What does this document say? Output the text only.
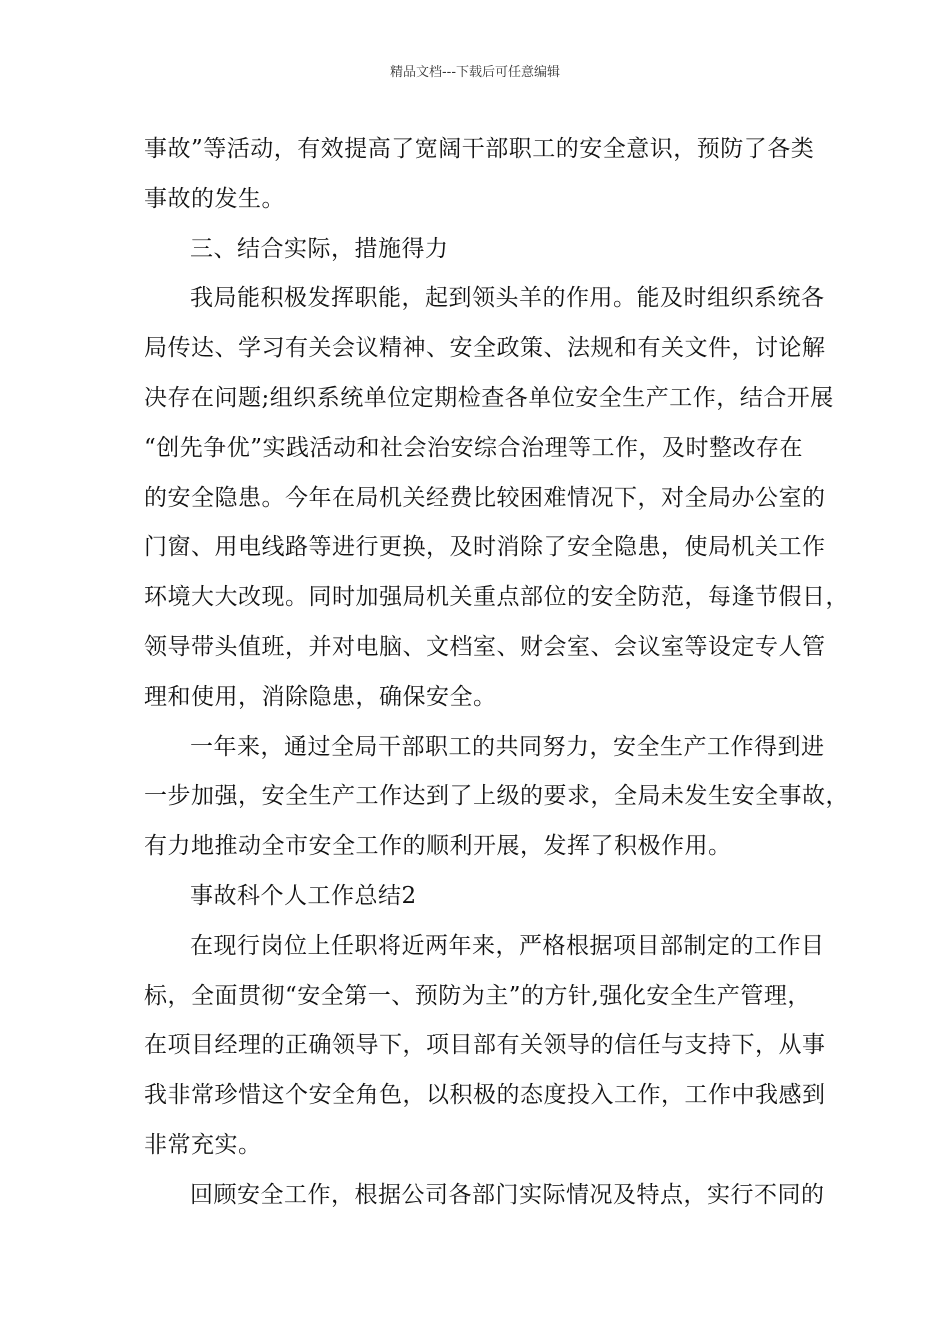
精品文档---下载后可任意编辑
事故”等活动，有效提高了宽阔干部职工的安全意识，预防了各类
事故的发生。
三、结合实际，措施得力
我局能积极发挥职能，起到领头羊的作用。能及时组织系统各
局传达、学习有关会议精神、安全政策、法规和有关文件，讨论解
决存在问题;组织系统单位定期检查各单位安全生产工作，结合开展
“创先争优”实践活动和社会治安综合治理等工作，及时整改存在
的安全隐患。今年在局机关经费比较困难情况下，对全局办公室的
门窗、用电线路等进行更换，及时消除了安全隐患，使局机关工作
环境大大改现。同时加强局机关重点部位的安全防范，每逢节假日，
领导带头值班，并对电脑、文档室、财会室、会议室等设定专人管
理和使用，消除隐患，确保安全。
一年来，通过全局干部职工的共同努力，安全生产工作得到进
一步加强，安全生产工作达到了上级的要求，全局未发生安全事故，
有力地推动全市安全工作的顺利开展，发挥了积极作用。
事故科个人工作总结2
在现行岗位上任职将近两年来，严格根据项目部制定的工作目
标，全面贯彻“安全第一、预防为主”的方针,强化安全生产管理，
在项目经理的正确领导下，项目部有关领导的信任与支持下，从事
我非常珍惜这个安全角色，以积极的态度投入工作，工作中我感到
非常充实。
回顾安全工作，根据公司各部门实际情况及特点，实行不同的
